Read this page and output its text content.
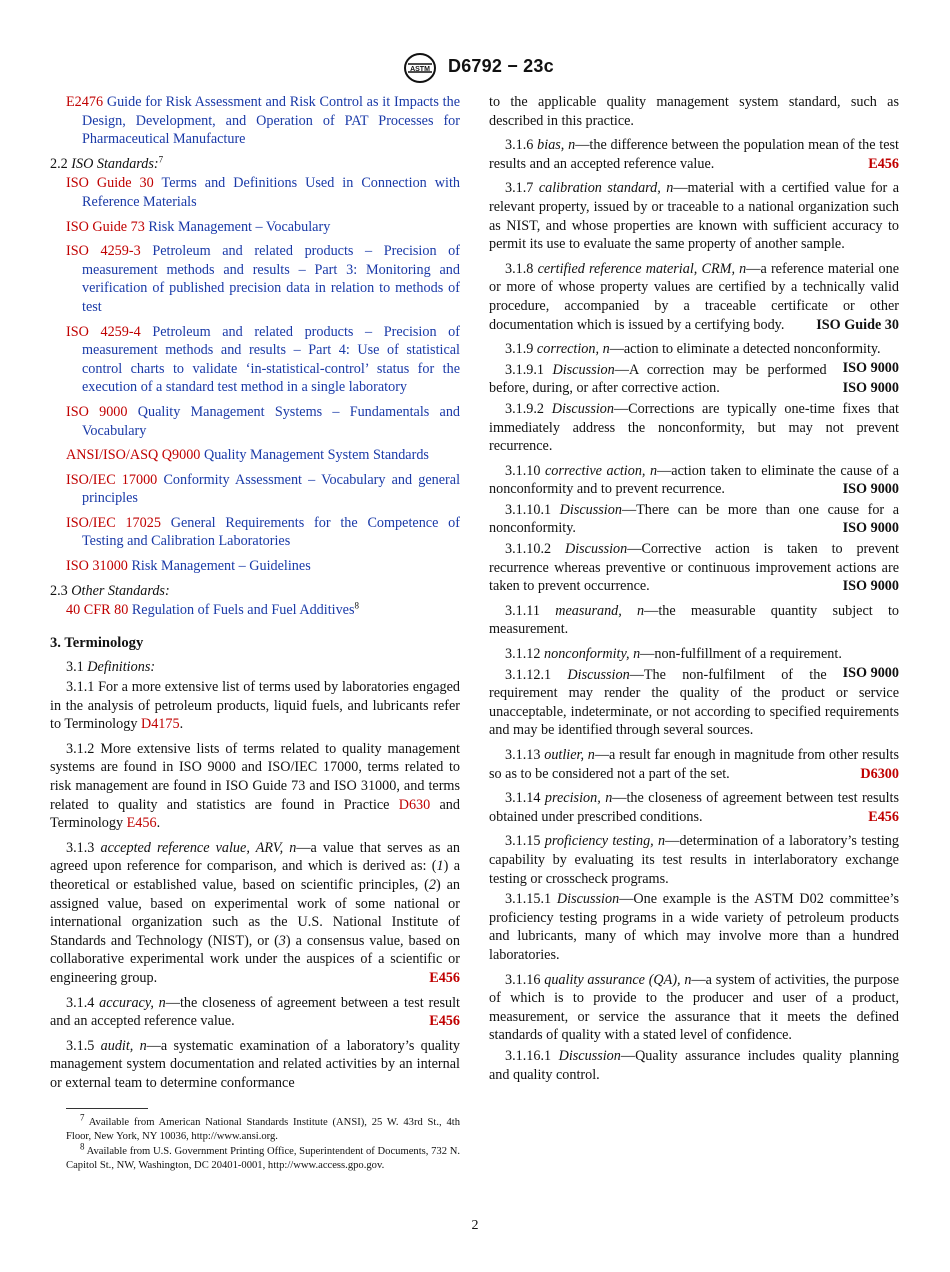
ASTM D6792 − 23c

E2476 Guide for Risk Assessment and Risk Control as it Impacts the Design, Development, and Operation of PAT Processes for Pharmaceutical Manufacture

2.2 ISO Standards:$^7$

ISO Guide 30 Terms and Definitions Used in Connection with Reference Materials

ISO Guide 73 Risk Management – Vocabulary

ISO 4259-3 Petroleum and related products – Precision of measurement methods and results – Part 3: Monitoring and verification of published precision data in relation to methods of test

ISO 4259-4 Petroleum and related products – Precision of measurement methods and results – Part 4: Use of statistical control charts to validate ‘in-statistical-control’ status for the execution of a standard test method in a single laboratory

ISO 9000 Quality Management Systems – Fundamentals and Vocabulary

ANSI/ISO/ASQ Q9000 Quality Management System Standards

ISO/IEC 17000 Conformity Assessment – Vocabulary and general principles

ISO/IEC 17025 General Requirements for the Competence of Testing and Calibration Laboratories

ISO 31000 Risk Management – Guidelines

2.3 Other Standards:

40 CFR 80 Regulation of Fuels and Fuel Additives$^8$

3. Terminology

3.1 Definitions:

3.1.1 For a more extensive list of terms used by laboratories engaged in the analysis of petroleum products, liquid fuels, and lubricants refer to Terminology D4175.

3.1.2 More extensive lists of terms related to quality management systems are found in ISO 9000 and ISO/IEC 17000, terms related to risk management are found in ISO Guide 73 and ISO 31000, and terms related to quality and statistics are found in Practice D630 and Terminology E456.

3.1.3 accepted reference value, ARV, n—a value that serves as an agreed upon reference for comparison, and which is derived as: (1) a theoretical or established value, based on scientific principles, (2) an assigned value, based on experimental work of some national or international organization such as the U.S. National Institute of Standards and Technology (NIST), or (3) a consensus value, based on collaborative experimental work under the auspices of a scientific or engineering group.	E456

3.1.4 accuracy, n—the closeness of agreement between a test result and an accepted reference value.	E456

3.1.5 audit, n—a systematic examination of a laboratory’s quality management system documentation and related activities by an internal or external team to determine conformance

to the applicable quality management system standard, such as described in this practice.

3.1.6 bias, n—the difference between the population mean of the test results and an accepted reference value.	E456

3.1.7 calibration standard, n—material with a certified value for a relevant property, issued by or traceable to a national organization such as NIST, and whose properties are known with sufficient accuracy to permit its use to evaluate the same property of another sample.

3.1.8 certified reference material, CRM, n—a reference material one or more of whose property values are certified by a technically valid procedure, accompanied by a traceable certificate or other documentation which is issued by a certifying body.	ISO Guide 30

3.1.9 correction, n—action to eliminate a detected nonconformity.
ISO 9000

3.1.9.1 Discussion—A correction may be performed before, during, or after corrective action.	ISO 9000

3.1.9.2 Discussion—Corrections are typically one-time fixes that immediately address the nonconformity, but may not prevent recurrence.

3.1.10 corrective action, n—action taken to eliminate the cause of a nonconformity and to prevent recurrence.	ISO 9000

3.1.10.1 Discussion—There can be more than one cause for a nonconformity.	ISO 9000

3.1.10.2 Discussion—Corrective action is taken to prevent recurrence whereas preventive or continuous improvement actions are taken to prevent occurrence.	ISO 9000

3.1.11 measurand, n—the measurable quantity subject to measurement.

3.1.12 nonconformity, n—non-fulfillment of a requirement.
ISO 9000

3.1.12.1 Discussion—The non-fulfilment of the requirement may render the quality of the product or service unacceptable, indeterminate, or not according to specified requirements and may be identified through several sources.

3.1.13 outlier, n—a result far enough in magnitude from other results so as to be considered not a part of the set.	D6300

3.1.14 precision, n—the closeness of agreement between test results obtained under prescribed conditions.	E456

3.1.15 proficiency testing, n—determination of a laboratory’s testing capability by evaluating its test results in interlaboratory exchange testing or crosscheck programs.

3.1.15.1 Discussion—One example is the ASTM D02 committee’s proficiency testing programs in a wide variety of petroleum products and lubricants, many of which may involve more than a hundred laboratories.

3.1.16 quality assurance (QA), n—a system of activities, the purpose of which is to provide to the producer and user of a product, measurement, or service the assurance that it meets the defined standards of quality with a stated level of confidence.

3.1.16.1 Discussion—Quality assurance includes quality planning and quality control.

$^7$ Available from American National Standards Institute (ANSI), 25 W. 43rd St., 4th Floor, New York, NY 10036, http://www.ansi.org.

$^8$ Available from U.S. Government Printing Office, Superintendent of Documents, 732 N. Capitol St., NW, Washington, DC 20401-0001, http://www.access.gpo.gov.

2
